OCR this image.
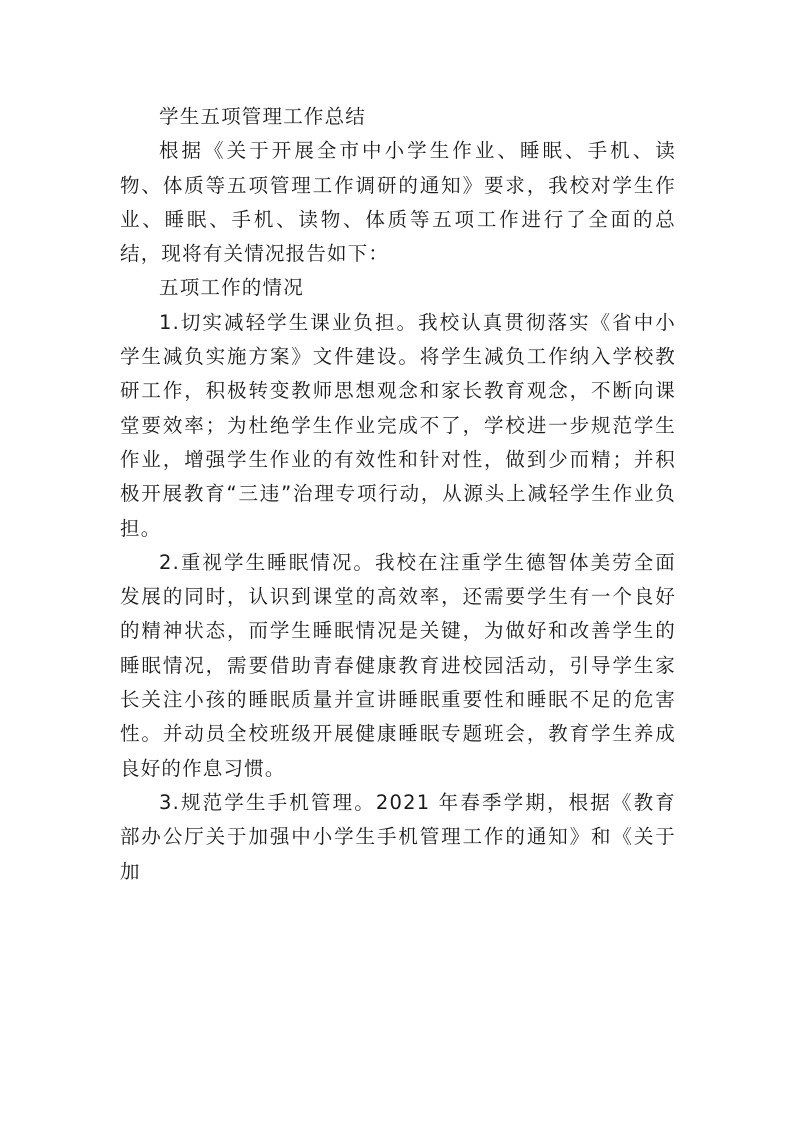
学生五项管理工作总结

根据《关于开展全市中小学生作业、睡眠、手机、读物、体质等五项管理工作调研的通知》要求，我校对学生作业、睡眠、手机、读物、体质等五项工作进行了全面的总结，现将有关情况报告如下：

五项工作的情况

1.切实减轻学生课业负担。我校认真贯彻落实《省中小学生减负实施方案》文件建设。将学生减负工作纳入学校教研工作，积极转变教师思想观念和家长教育观念，不断向课堂要效率；为杜绝学生作业完成不了，学校进一步规范学生作业，增强学生作业的有效性和针对性，做到少而精；并积极开展教育“三违”治理专项行动，从源头上减轻学生作业负担。

2.重视学生睡眠情况。我校在注重学生德智体美劳全面发展的同时，认识到课堂的高效率，还需要学生有一个良好的精神状态，而学生睡眠情况是关键，为做好和改善学生的睡眠情况，需要借助青春健康教育进校园活动，引导学生家长关注小孩的睡眠质量并宣讲睡眠重要性和睡眠不足的危害性。并动员全校班级开展健康睡眠专题班会，教育学生养成良好的作息习惯。

3.规范学生手机管理。2021 年春季学期，根据《教育部办公厅关于加强中小学生手机管理工作的通知》和《关于加
